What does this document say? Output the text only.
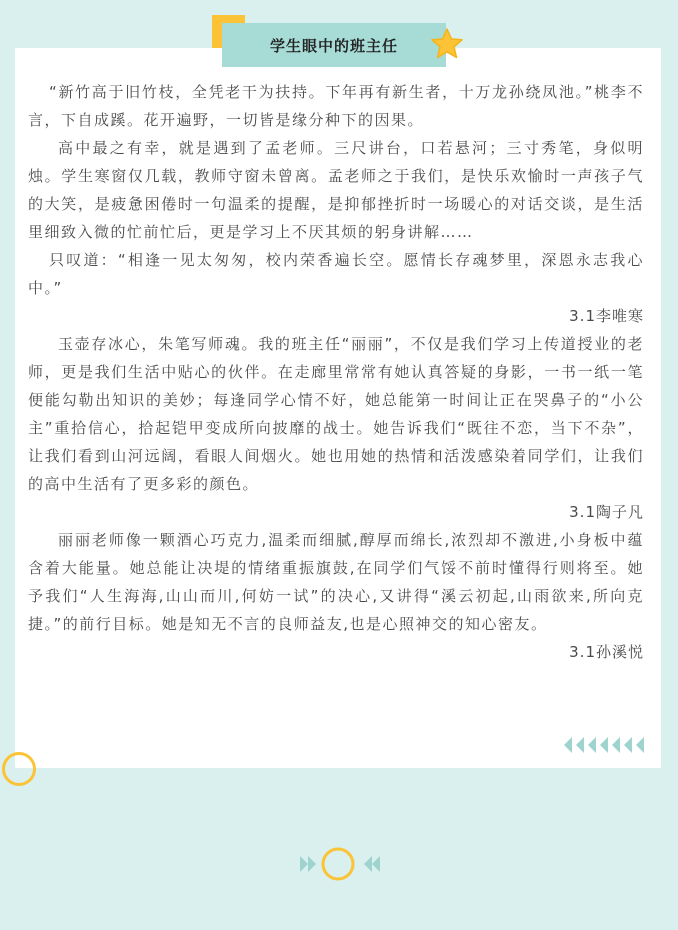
学生眼中的班主任

“新竹高于旧竹枝，全凭老干为扶持。下年再有新生者，十万龙孙绕凤池。”桃李不言，下自成蹊。花开遍野，一切皆是缘分种下的因果。

高中最之有幸，就是遇到了孟老师。三尺讲台，口若悬河；三寸秀笔，身似明烛。学生寒窗仅几载，教师守窗未曾离。孟老师之于我们，是快乐欢愉时一声孩子气的大笑，是疲惫困倦时一句温柔的提醒，是抑郁挫折时一场暖心的对话交谈，是生活里细致入微的忙前忙后，更是学习上不厌其烦的躬身讲解……

只叹道：“相逢一见太匆匆，校内荣香遍长空。愿情长存魂梦里，深恩永志我心中。”

3.1李唯寒

玉壶存冰心，朱笔写师魂。我的班主任“丽丽”，不仅是我们学习上传道授业的老师，更是我们生活中贴心的伙伴。在走廊里常常有她认真答疑的身影，一书一纸一笔便能勾勒出知识的美妙；每逢同学心情不好，她总能第一时间让正在哭鼻子的“小公主”重拾信心，拾起铠甲变成所向披靡的战士。她告诉我们“既往不恋，当下不杂”，让我们看到山河远阔，看眼人间烟火。她也用她的热情和活泼感染着同学们，让我们的高中生活有了更多彩的颜色。

3.1陶子凡

丽丽老师像一颗酒心巧克力,温柔而细腻,醇厚而绵长,浓烈却不激进,小身板中蕴含着大能量。她总能让决堤的情绪重振旗鼓,在同学们气馁不前时懂得行则将至。她予我们“人生海海,山山而川,何妨一试”的决心,又讲得“溪云初起,山雨欲来,所向克捷。”的前行目标。她是知无不言的良师益友,也是心照神交的知心密友。

3.1孙溪悦
